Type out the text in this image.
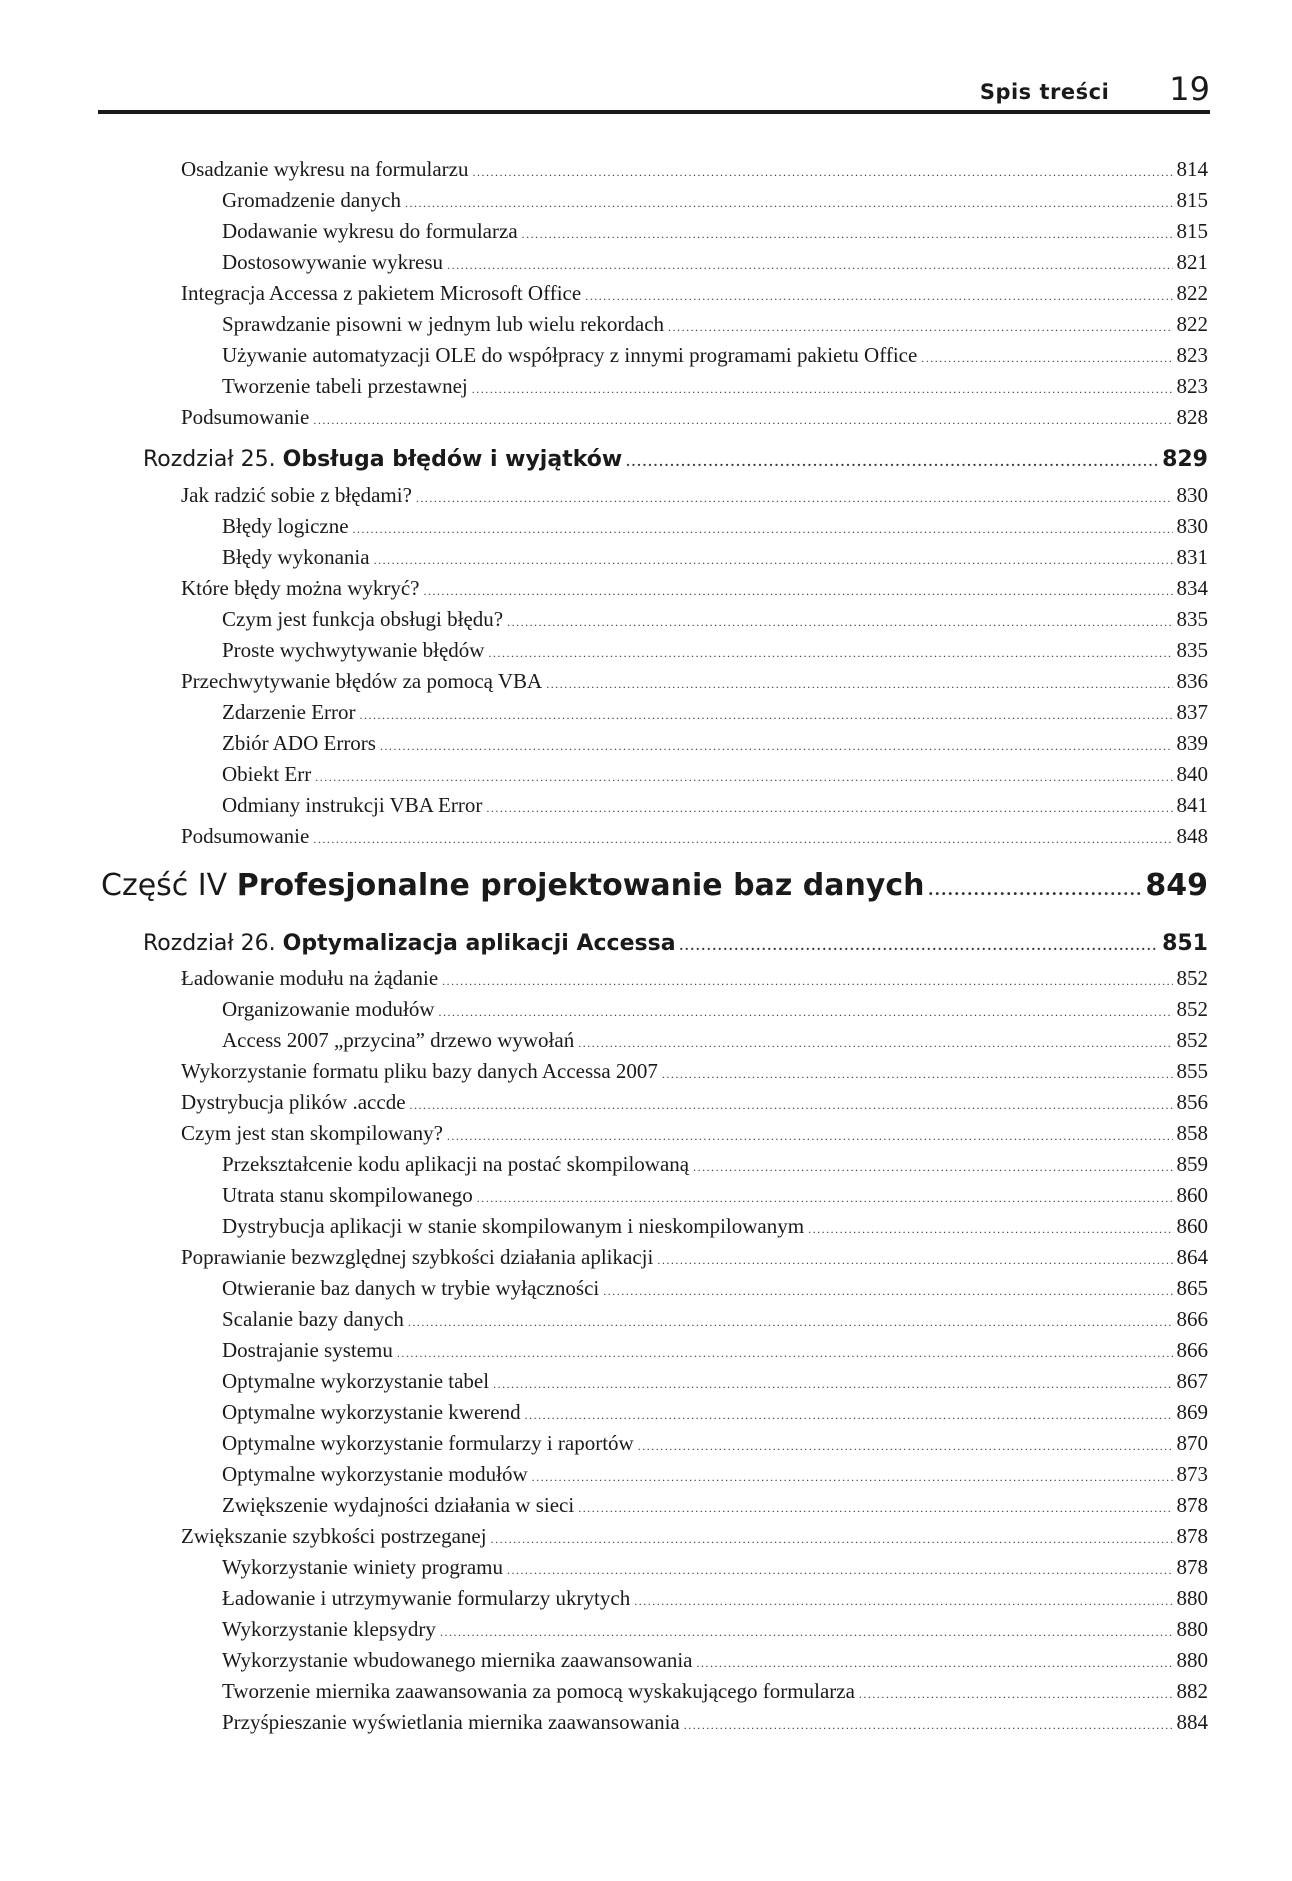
Spis treści 19
Osadzanie wykresu na formularzu .....	814
Gromadzenie danych .....	815
Dodawanie wykresu do formularza .....	815
Dostosowywanie wykresu .....	821
Integracja Accessa z pakietem Microsoft Office .....	822
Sprawdzanie pisowni w jednym lub wielu rekordach .....	822
Używanie automatyzacji OLE do współpracy z innymi programami pakietu Office .....	823
Tworzenie tabeli przestawnej .....	823
Podsumowanie .....	828
Rozdział 25. Obsługa błędów i wyjątków .....	829
Jak radzić sobie z błędami? .....	830
Błędy logiczne .....	830
Błędy wykonania .....	831
Które błędy można wykryć? .....	834
Czym jest funkcja obsługi błędu? .....	835
Proste wychwytywanie błędów .....	835
Przechwytywanie błędów za pomocą VBA .....	836
Zdarzenie Error .....	837
Zbiór ADO Errors .....	839
Obiekt Err .....	840
Odmiany instrukcji VBA Error .....	841
Podsumowanie .....	848
Część IV Profesjonalne projektowanie baz danych .....	849
Rozdział 26. Optymalizacja aplikacji Accessa .....	851
Ładowanie modułu na żądanie .....	852
Organizowanie modułów .....	852
Access 2007 „przycina” drzewo wywołań .....	852
Wykorzystanie formatu pliku bazy danych Accessa 2007 .....	855
Dystrybucja plików .accde .....	856
Czym jest stan skompilowany? .....	858
Przekształcenie kodu aplikacji na postać skompilowaną .....	859
Utrata stanu skompilowanego .....	860
Dystrybucja aplikacji w stanie skompilowanym i nieskompilowanym .....	860
Poprawianie bezwzględnej szybkości działania aplikacji .....	864
Otwieranie baz danych w trybie wyłączności .....	865
Scalanie bazy danych .....	866
Dostrajanie systemu .....	866
Optymalne wykorzystanie tabel .....	867
Optymalne wykorzystanie kwerend .....	869
Optymalne wykorzystanie formularzy i raportów .....	870
Optymalne wykorzystanie modułów .....	873
Zwiększenie wydajności działania w sieci .....	878
Zwiększanie szybkości postrzeganej .....	878
Wykorzystanie winiety programu .....	878
Ładowanie i utrzymywanie formularzy ukrytych .....	880
Wykorzystanie klepsydry .....	880
Wykorzystanie wbudowanego miernika zaawansowania .....	880
Tworzenie miernika zaawansowania za pomocą wyskakującego formularza .....	882
Przyśpieszanie wyświetlania miernika zaawansowania .....	884
